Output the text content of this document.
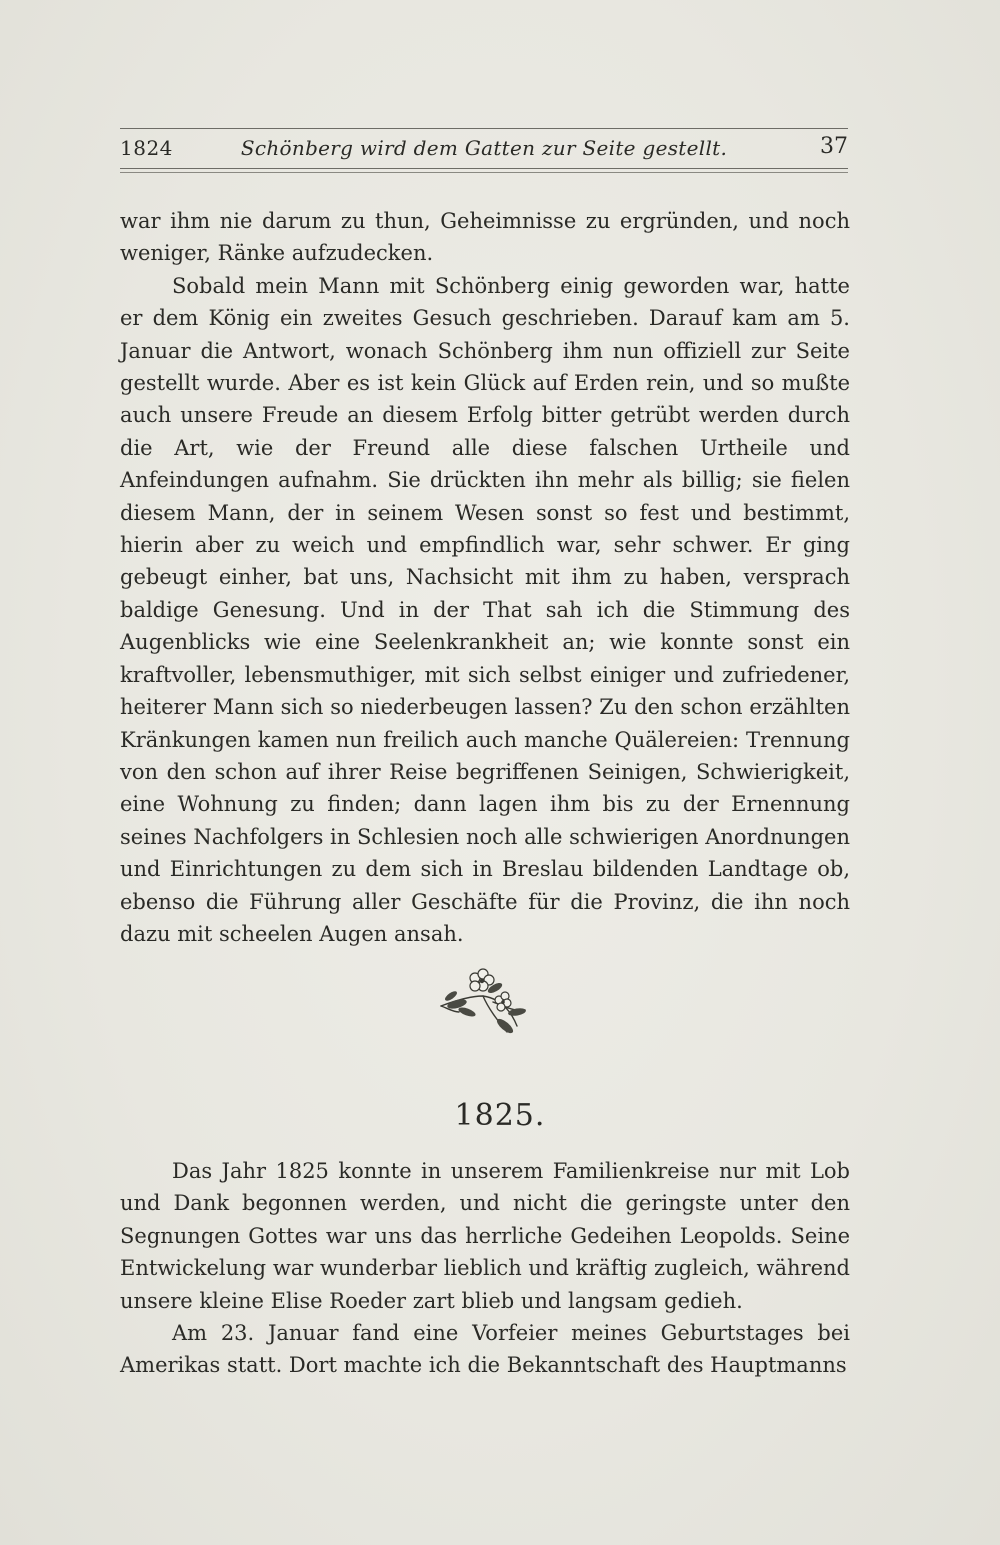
1824	Schönberg wird dem Gatten zur Seite gestellt.	37

war ihm nie darum zu thun, Geheimnisse zu ergründen, und noch weniger, Ränke aufzudecken.

Sobald mein Mann mit Schönberg einig geworden war, hatte er dem König ein zweites Gesuch geschrieben. Darauf kam am 5. Januar die Antwort, wonach Schönberg ihm nun offiziell zur Seite gestellt wurde. Aber es ist kein Glück auf Erden rein, und so mußte auch unsere Freude an diesem Erfolg bitter getrübt werden durch die Art, wie der Freund alle diese falschen Urtheile und Anfeindungen aufnahm. Sie drückten ihn mehr als billig; sie fielen diesem Mann, der in seinem Wesen sonst so fest und bestimmt, hierin aber zu weich und empfindlich war, sehr schwer. Er ging gebeugt einher, bat uns, Nachsicht mit ihm zu haben, versprach baldige Genesung. Und in der That sah ich die Stimmung des Augenblicks wie eine Seelenkrankheit an; wie konnte sonst ein kraftvoller, lebensmuthiger, mit sich selbst einiger und zufriedener, heiterer Mann sich so niederbeugen lassen? Zu den schon erzählten Kränkungen kamen nun freilich auch manche Quälereien: Trennung von den schon auf ihrer Reise begriffenen Seinigen, Schwierigkeit, eine Wohnung zu finden; dann lagen ihm bis zu der Ernennung seines Nachfolgers in Schlesien noch alle schwierigen Anordnungen und Einrichtungen zu dem sich in Breslau bildenden Landtage ob, ebenso die Führung aller Geschäfte für die Provinz, die ihn noch dazu mit scheelen Augen ansah.

1825.

Das Jahr 1825 konnte in unserem Familienkreise nur mit Lob und Dank begonnen werden, und nicht die geringste unter den Segnungen Gottes war uns das herrliche Gedeihen Leopolds. Seine Entwickelung war wunderbar lieblich und kräftig zugleich, während unsere kleine Elise Roeder zart blieb und langsam gedieh.

Am 23. Januar fand eine Vorfeier meines Geburtstages bei Amerikas statt. Dort machte ich die Bekanntschaft des Hauptmanns
